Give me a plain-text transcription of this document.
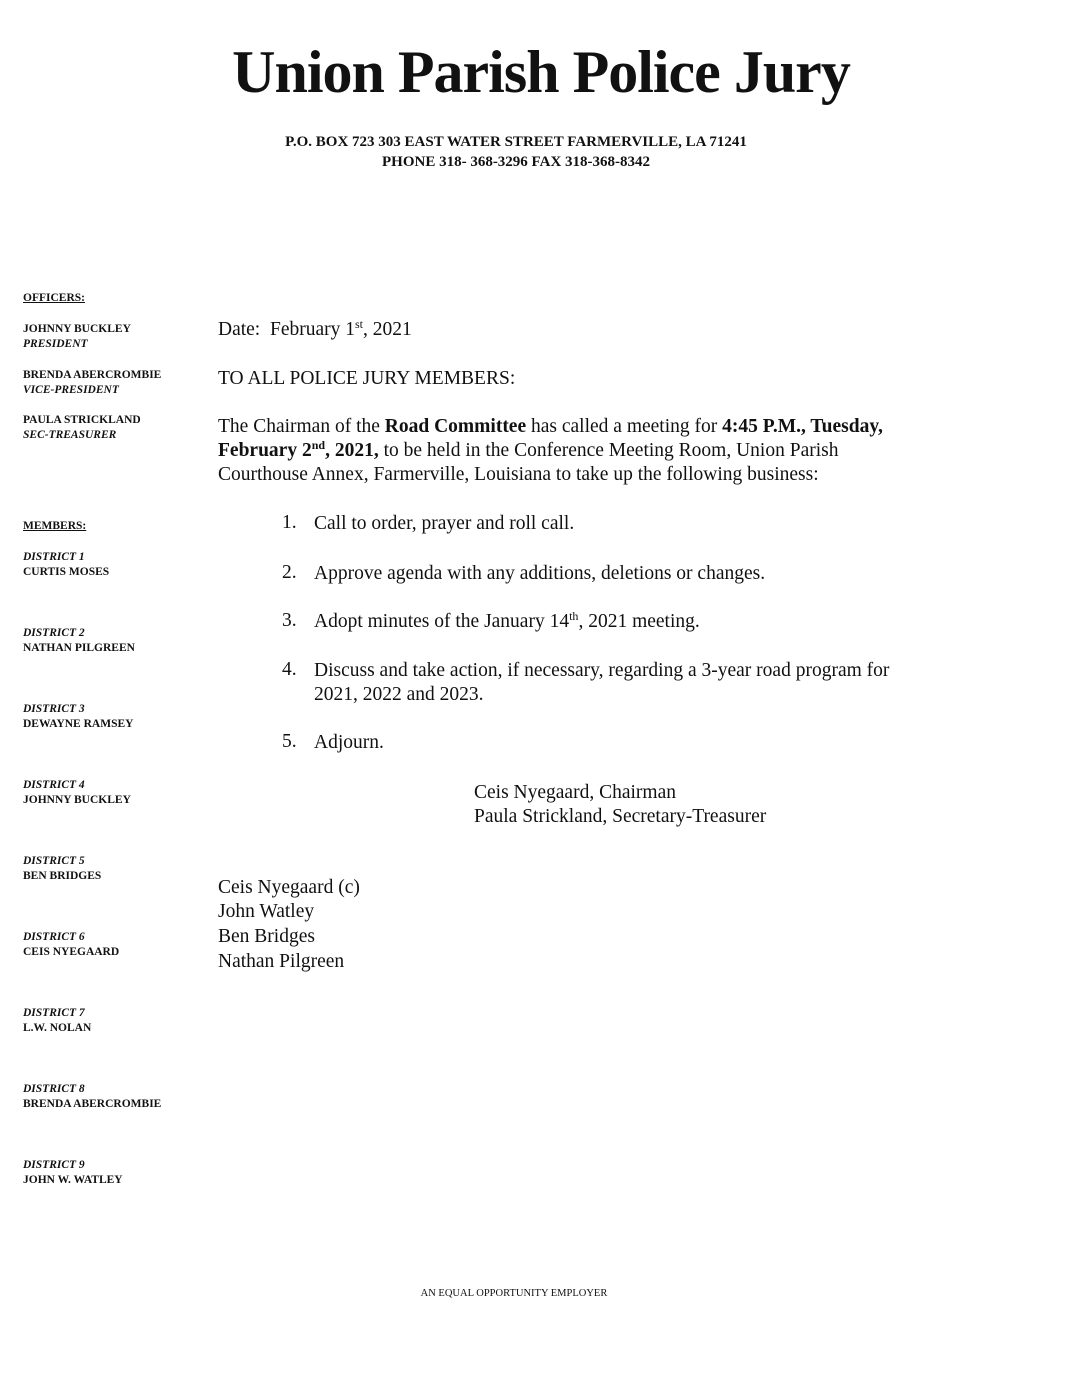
Union Parish Police Jury
P.O. BOX 723 303 EAST WATER STREET FARMERVILLE, LA 71241
PHONE 318- 368-3296 FAX 318-368-8342
OFFICERS:
JOHNNY BUCKLEY
PRESIDENT
BRENDA ABERCROMBIE
VICE-PRESIDENT
PAULA STRICKLAND
SEC-TREASURER
MEMBERS:
DISTRICT 1
CURTIS MOSES
DISTRICT 2
NATHAN PILGREEN
DISTRICT 3
DEWAYNE RAMSEY
DISTRICT 4
JOHNNY BUCKLEY
DISTRICT 5
BEN BRIDGES
DISTRICT 6
CEIS NYEGAARD
DISTRICT 7
L.W. NOLAN
DISTRICT 8
BRENDA ABERCROMBIE
DISTRICT 9
JOHN W. WATLEY
Date: February 1st, 2021
TO ALL POLICE JURY MEMBERS:
The Chairman of the Road Committee has called a meeting for 4:45 P.M., Tuesday,
February 2nd, 2021, to be held in the Conference Meeting Room, Union Parish
Courthouse Annex, Farmerville, Louisiana to take up the following business:
1. Call to order, prayer and roll call.
2. Approve agenda with any additions, deletions or changes.
3. Adopt minutes of the January 14th, 2021 meeting.
4. Discuss and take action, if necessary, regarding a 3-year road program for
2021, 2022 and 2023.
5. Adjourn.
Ceis Nyegaard, Chairman
Paula Strickland, Secretary-Treasurer
Ceis Nyegaard (c)
John Watley
Ben Bridges
Nathan Pilgreen
AN EQUAL OPPORTUNITY EMPLOYER
